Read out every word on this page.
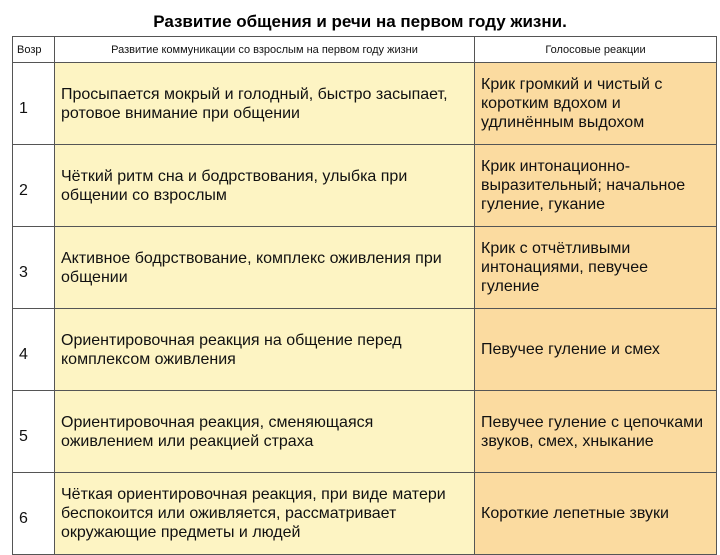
Развитие общения и речи на первом году жизни.
Возр	Развитие коммуникации со взрослым на первом году жизни	Голосовые реакции
1	Просыпается мокрый и голодный, быстро засыпает, ротовое внимание при общении	Крик громкий и чистый с коротким вдохом и удлинённым выдохом
2	Чёткий ритм сна и бодрствования, улыбка при общении со взрослым	Крик интонационно-выразительный; начальное гуление, гукание
3	Активное бодрствование, комплекс оживления при общении	Крик с отчётливыми интонациями, певучее гуление
4	Ориентировочная реакция на общение перед комплексом оживления	Певучее гуление и смех
5	Ориентировочная реакция, сменяющаяся оживлением или реакцией страха	Певучее гуление с цепочками звуков, смех, хныкание
6	Чёткая ориентировочная реакция, при виде матери беспокоится или оживляется, рассматривает окружающие предметы и людей	Короткие лепетные звуки
